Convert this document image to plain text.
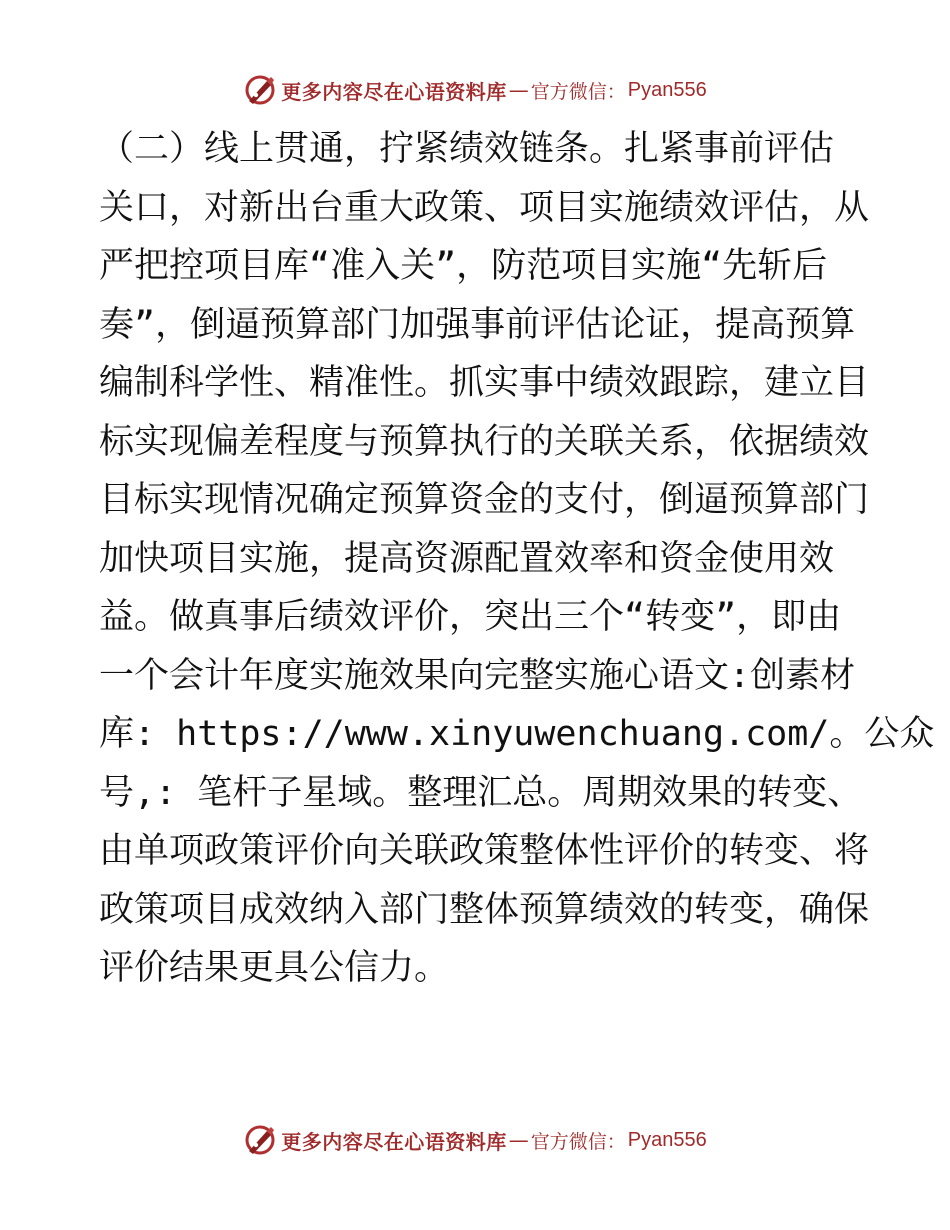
更多内容尽在心语资料库 — 官方微信： Pyan556
（二）线上贯通，拧紧绩效链条。扎紧事前评估
关口，对新出台重大政策、项目实施绩效评估，从
严把控项目库“准入关”，防范项目实施“先斩后
奏”，倒逼预算部门加强事前评估论证，提高预算
编制科学性、精准性。抓实事中绩效跟踪，建立目
标实现偏差程度与预算执行的关联关系，依据绩效
目标实现情况确定预算资金的支付，倒逼预算部门
加快项目实施，提高资源配置效率和资金使用效
益。做真事后绩效评价，突出三个“转变”，即由
一个会计年度实施效果向完整实施心语文:创素材
库: https://www.xinyuwenchuang.com/。公众
号,: 笔杆子星域。整理汇总。周期效果的转变、
由单项政策评价向关联政策整体性评价的转变、将
政策项目成效纳入部门整体预算绩效的转变，确保
评价结果更具公信力。
更多内容尽在心语资料库 — 官方微信： Pyan556
